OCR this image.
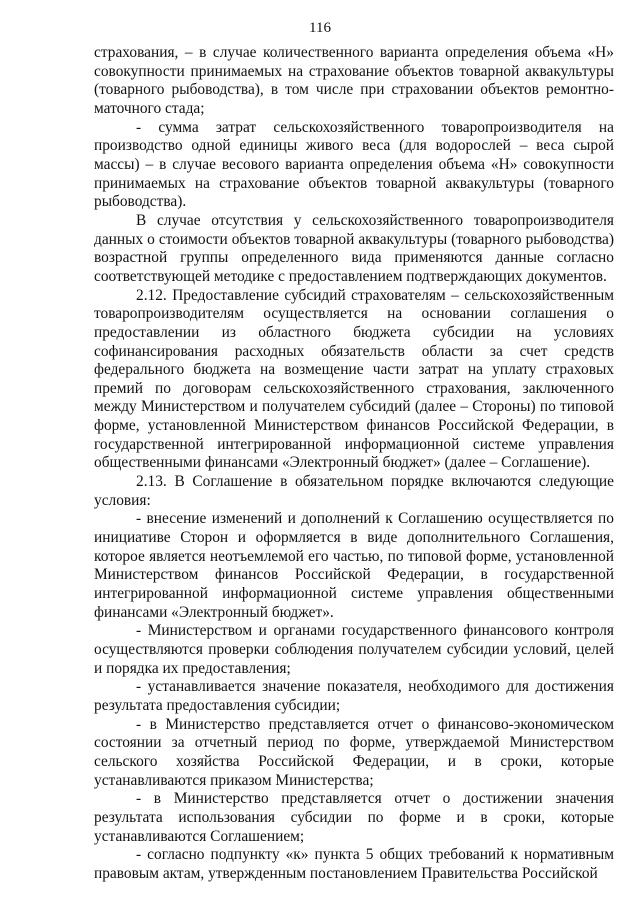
116

страхования, – в случае количественного варианта определения объема «Н» совокупности принимаемых на страхование объектов товарной аквакультуры (товарного рыбоводства), в том числе при страховании объектов ремонтно-маточного стада;

- сумма затрат сельскохозяйственного товаропроизводителя на производство одной единицы живого веса (для водорослей – веса сырой массы) – в случае весового варианта определения объема «Н» совокупности принимаемых на страхование объектов товарной аквакультуры (товарного рыбоводства).

В случае отсутствия у сельскохозяйственного товаропроизводителя данных о стоимости объектов товарной аквакультуры (товарного рыбоводства) возрастной группы определенного вида применяются данные согласно соответствующей методике с предоставлением подтверждающих документов.

2.12. Предоставление субсидий страхователям – сельскохозяйственным товаропроизводителям осуществляется на основании соглашения о предоставлении из областного бюджета субсидии на условиях софинансирования расходных обязательств области за счет средств федерального бюджета на возмещение части затрат на уплату страховых премий по договорам сельскохозяйственного страхования, заключенного между Министерством и получателем субсидий (далее – Стороны) по типовой форме, установленной Министерством финансов Российской Федерации, в государственной интегрированной информационной системе управления общественными финансами «Электронный бюджет» (далее – Соглашение).

2.13. В Соглашение в обязательном порядке включаются следующие условия:

- внесение изменений и дополнений к Соглашению осуществляется по инициативе Сторон и оформляется в виде дополнительного Соглашения, которое является неотъемлемой его частью, по типовой форме, установленной Министерством финансов Российской Федерации, в государственной интегрированной информационной системе управления общественными финансами «Электронный бюджет».

- Министерством и органами государственного финансового контроля осуществляются проверки соблюдения получателем субсидии условий, целей и порядка их предоставления;

- устанавливается значение показателя, необходимого для достижения результата предоставления субсидии;

- в Министерство представляется отчет о финансово-экономическом состоянии за отчетный период по форме, утверждаемой Министерством сельского хозяйства Российской Федерации, и в сроки, которые устанавливаются приказом Министерства;

- в Министерство представляется отчет о достижении значения результата использования субсидии по форме и в сроки, которые устанавливаются Соглашением;

- согласно подпункту «к» пункта 5 общих требований к нормативным правовым актам, утвержденным постановлением Правительства Российской
